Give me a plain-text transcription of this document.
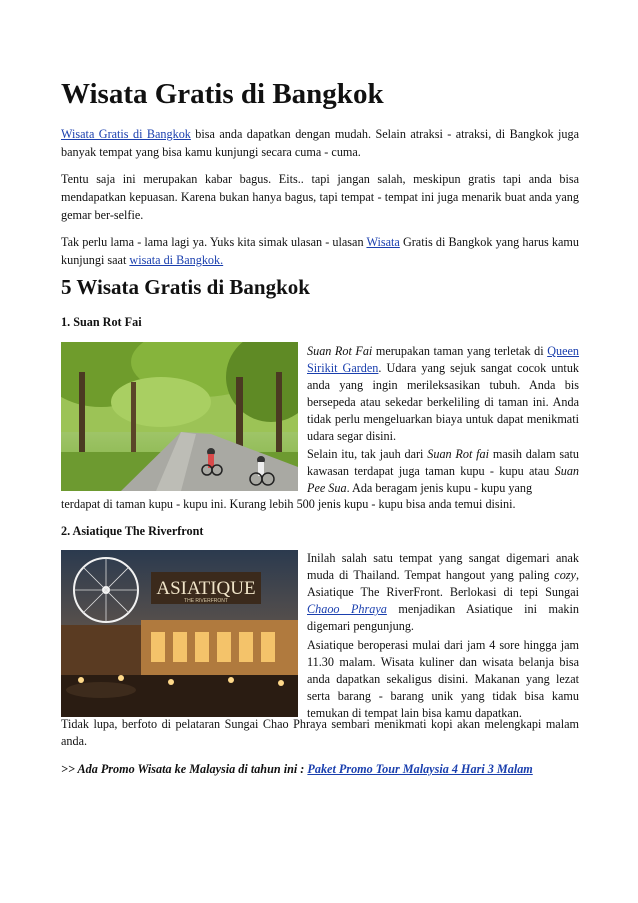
Wisata Gratis di Bangkok

Wisata Gratis di Bangkok bisa anda dapatkan dengan mudah. Selain atraksi - atraksi, di Bangkok juga banyak tempat yang bisa kamu kunjungi secara cuma - cuma.

Tentu saja ini merupakan kabar bagus. Eits.. tapi jangan salah, meskipun gratis tapi anda bisa mendapatkan kepuasan. Karena bukan hanya bagus, tapi tempat - tempat ini juga menarik buat anda yang gemar ber-selfie.

Tak perlu lama - lama lagi ya. Yuks kita simak ulasan - ulasan Wisata Gratis di Bangkok yang harus kamu kunjungi saat wisata di Bangkok.

5 Wisata Gratis di Bangkok

1. Suan Rot Fai

Suan Rot Fai merupakan taman yang terletak di Queen Sirikit Garden. Udara yang sejuk sangat cocok untuk anda yang ingin merileksasikan tubuh. Anda bis bersepeda atau sekedar berkeliling di taman ini. Anda tidak perlu mengeluarkan biaya untuk dapat menikmati udara segar disini.

Selain itu, tak jauh dari Suan Rot fai masih dalam satu kawasan terdapat juga taman kupu - kupu atau Suan Pee Sua. Ada beragam jenis kupu - kupu yang

terdapat di taman kupu - kupu ini. Kurang lebih 500 jenis kupu - kupu bisa anda temui disini.

2. Asiatique The Riverfront

ASIATIQUE
THE RIVERFRONT

Inilah salah satu tempat yang sangat digemari anak muda di Thailand. Tempat hangout yang paling cozy, Asiatique The RiverFront. Berlokasi di tepi Sungai Chaoo Phraya menjadikan Asiatique ini makin digemari pengunjung.

Asiatique beroperasi mulai dari jam 4 sore hingga jam 11.30 malam. Wisata kuliner dan wisata belanja bisa anda dapatkan sekaligus disini. Makanan yang lezat serta barang - barang unik yang tidak bisa kamu temukan di tempat lain bisa kamu dapatkan.

Tidak lupa, berfoto di pelataran Sungai Chao Phraya sembari menikmati kopi akan melengkapi malam anda.

>> Ada Promo Wisata ke Malaysia di tahun ini : Paket Promo Tour Malaysia 4 Hari 3 Malam
